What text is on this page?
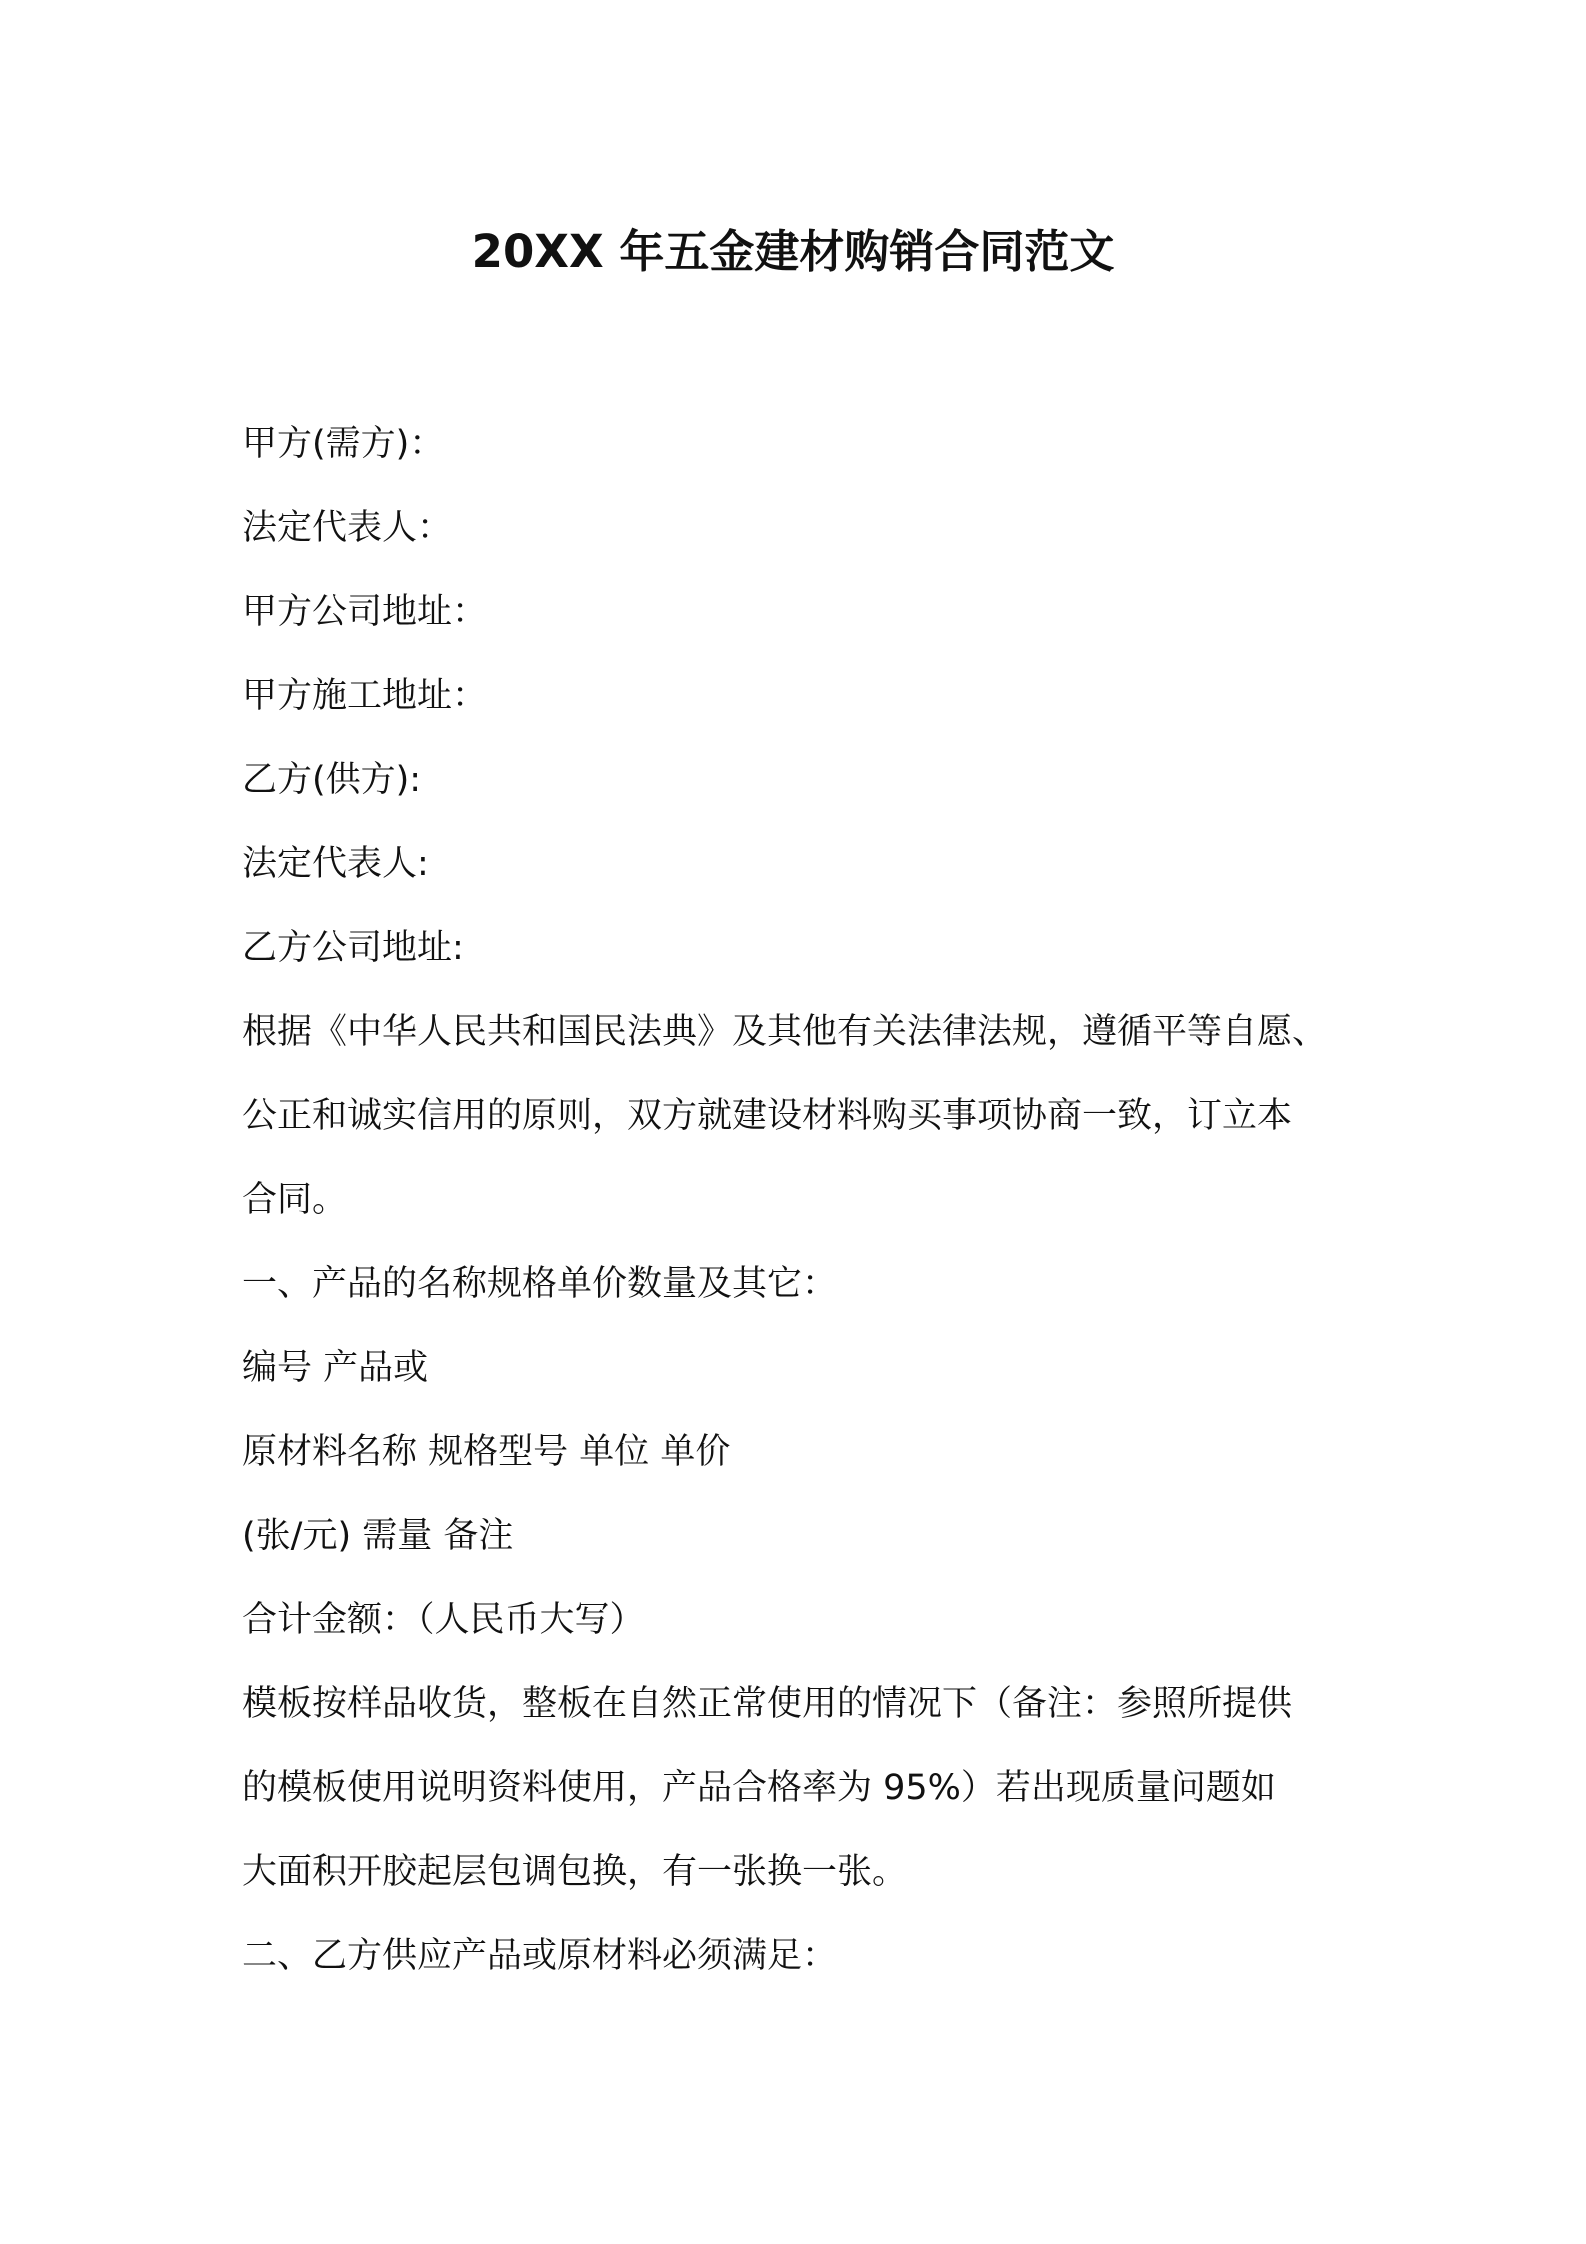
20XX 年五金建材购销合同范文

甲方(需方)：

法定代表人：

甲方公司地址：

甲方施工地址：

乙方(供方):

法定代表人:

乙方公司地址:

根据《中华人民共和国民法典》及其他有关法律法规，遵循平等自愿、

公正和诚实信用的原则，双方就建设材料购买事项协商一致，订立本

合同。

一、产品的名称规格单价数量及其它：

编号 产品或

原材料名称 规格型号 单位 单价

(张/元) 需量 备注

合计金额：（人民币大写）

模板按样品收货，整板在自然正常使用的情况下（备注：参照所提供

的模板使用说明资料使用，产品合格率为 95%）若出现质量问题如

大面积开胶起层包调包换，有一张换一张。

二、乙方供应产品或原材料必须满足：
